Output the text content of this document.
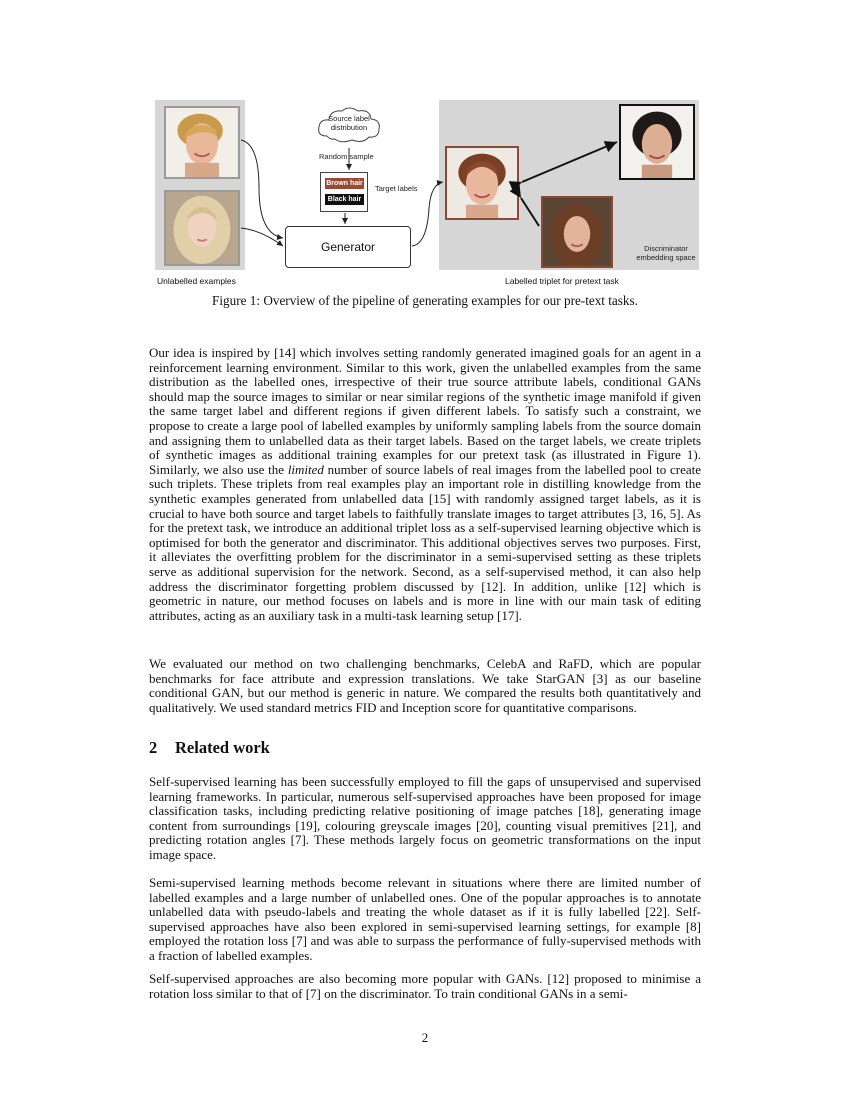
Source label distribution
Random sample
Brown hair
Black hair
Target labels
Generator	Discriminator embedding space
Unlabelled examples	Labelled triplet for pretext task
Figure 1: Overview of the pipeline of generating examples for our pre-text tasks.

Our idea is inspired by [14] which involves setting randomly generated imagined goals for an agent in a reinforcement learning environment. Similar to this work, given the unlabelled examples from the same distribution as the labelled ones, irrespective of their true source attribute labels, conditional GANs should map the source images to similar or near similar regions of the synthetic image manifold if given the same target label and different regions if given different labels. To satisfy such a constraint, we propose to create a large pool of labelled examples by uniformly sampling labels from the source domain and assigning them to unlabelled data as their target labels. Based on the target labels, we create triplets of synthetic images as additional training examples for our pretext task (as illustrated in Figure 1). Similarly, we also use the limited number of source labels of real images from the labelled pool to create such triplets. These triplets from real examples play an important role in distilling knowledge from the synthetic examples generated from unlabelled data [15] with randomly assigned target labels, as it is crucial to have both source and target labels to faithfully translate images to target attributes [3, 16, 5]. As for the pretext task, we introduce an additional triplet loss as a self-supervised learning objective which is optimised for both the generator and discriminator. This additional objectives serves two purposes. First, it alleviates the overfitting problem for the discriminator in a semi-supervised setting as these triplets serve as additional supervision for the network. Second, as a self-supervised method, it can also help address the discriminator forgetting problem discussed by [12]. In addition, unlike [12] which is geometric in nature, our method focuses on labels and is more in line with our main task of editing attributes, acting as an auxiliary task in a multi-task learning setup [17].

We evaluated our method on two challenging benchmarks, CelebA and RaFD, which are popular benchmarks for face attribute and expression translations. We take StarGAN [3] as our baseline conditional GAN, but our method is generic in nature. We compared the results both quantitatively and qualitatively. We used standard metrics FID and Inception score for quantitative comparisons.

2 Related work

Self-supervised learning has been successfully employed to fill the gaps of unsupervised and supervised learning frameworks. In particular, numerous self-supervised approaches have been proposed for image classification tasks, including predicting relative positioning of image patches [18], generating image content from surroundings [19], colouring greyscale images [20], counting visual premitives [21], and predicting rotation angles [7]. These methods largely focus on geometric transformations on the input image space.

Semi-supervised learning methods become relevant in situations where there are limited number of labelled examples and a large number of unlabelled ones. One of the popular approaches is to annotate unlabelled data with pseudo-labels and treating the whole dataset as if it is fully labelled [22]. Self-supervised approaches have also been explored in semi-supervised learning settings, for example [8] employed the rotation loss [7] and was able to surpass the performance of fully-supervised methods with a fraction of labelled examples.

Self-supervised approaches are also becoming more popular with GANs. [12] proposed to minimise a rotation loss similar to that of [7] on the discriminator. To train conditional GANs in a semi-

2
